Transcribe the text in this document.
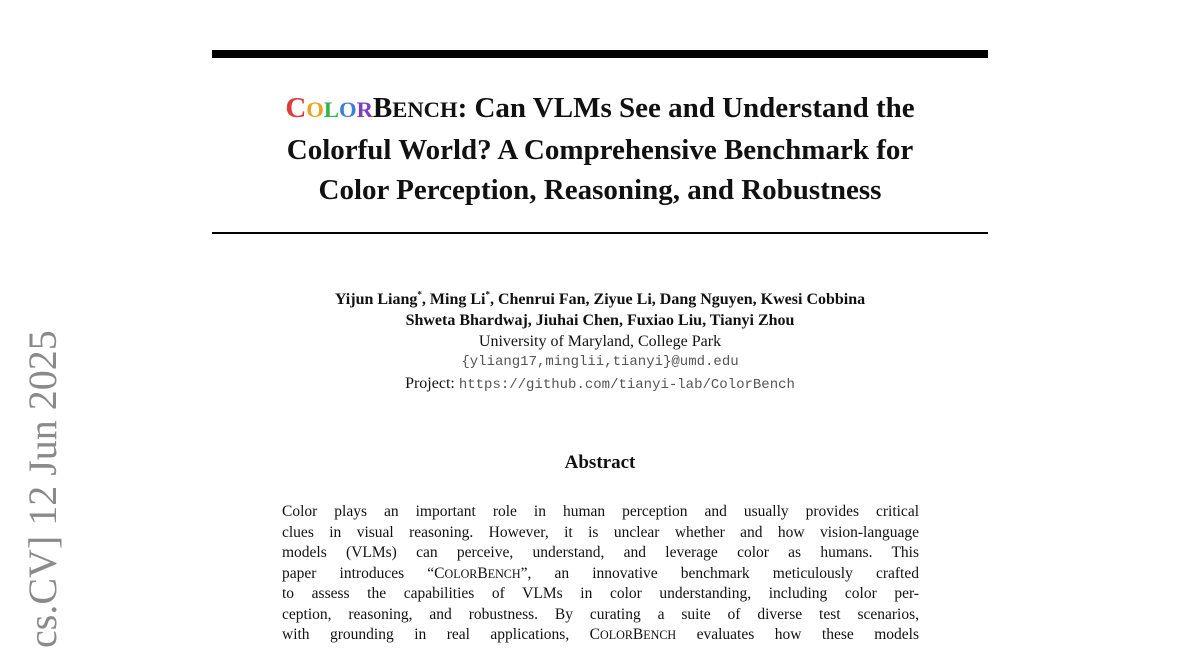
cs.CV] 12 Jun 2025
COLORBENCH: Can VLMs See and Understand the
Colorful World? A Comprehensive Benchmark for
Color Perception, Reasoning, and Robustness
Yijun Liang*, Ming Li*, Chenrui Fan, Ziyue Li, Dang Nguyen, Kwesi Cobbina
Shweta Bhardwaj, Jiuhai Chen, Fuxiao Liu, Tianyi Zhou
University of Maryland, College Park
{yliang17,minglii,tianyi}@umd.edu
Project: https://github.com/tianyi-lab/ColorBench
Abstract
Color plays an important role in human perception and usually provides critical
clues in visual reasoning. However, it is unclear whether and how vision-language
models (VLMs) can perceive, understand, and leverage color as humans. This
paper introduces “COLORBENCH”, an innovative benchmark meticulously crafted
to assess the capabilities of VLMs in color understanding, including color per-
ception, reasoning, and robustness. By curating a suite of diverse test scenarios,
with grounding in real applications, COLORBENCH evaluates how these models
